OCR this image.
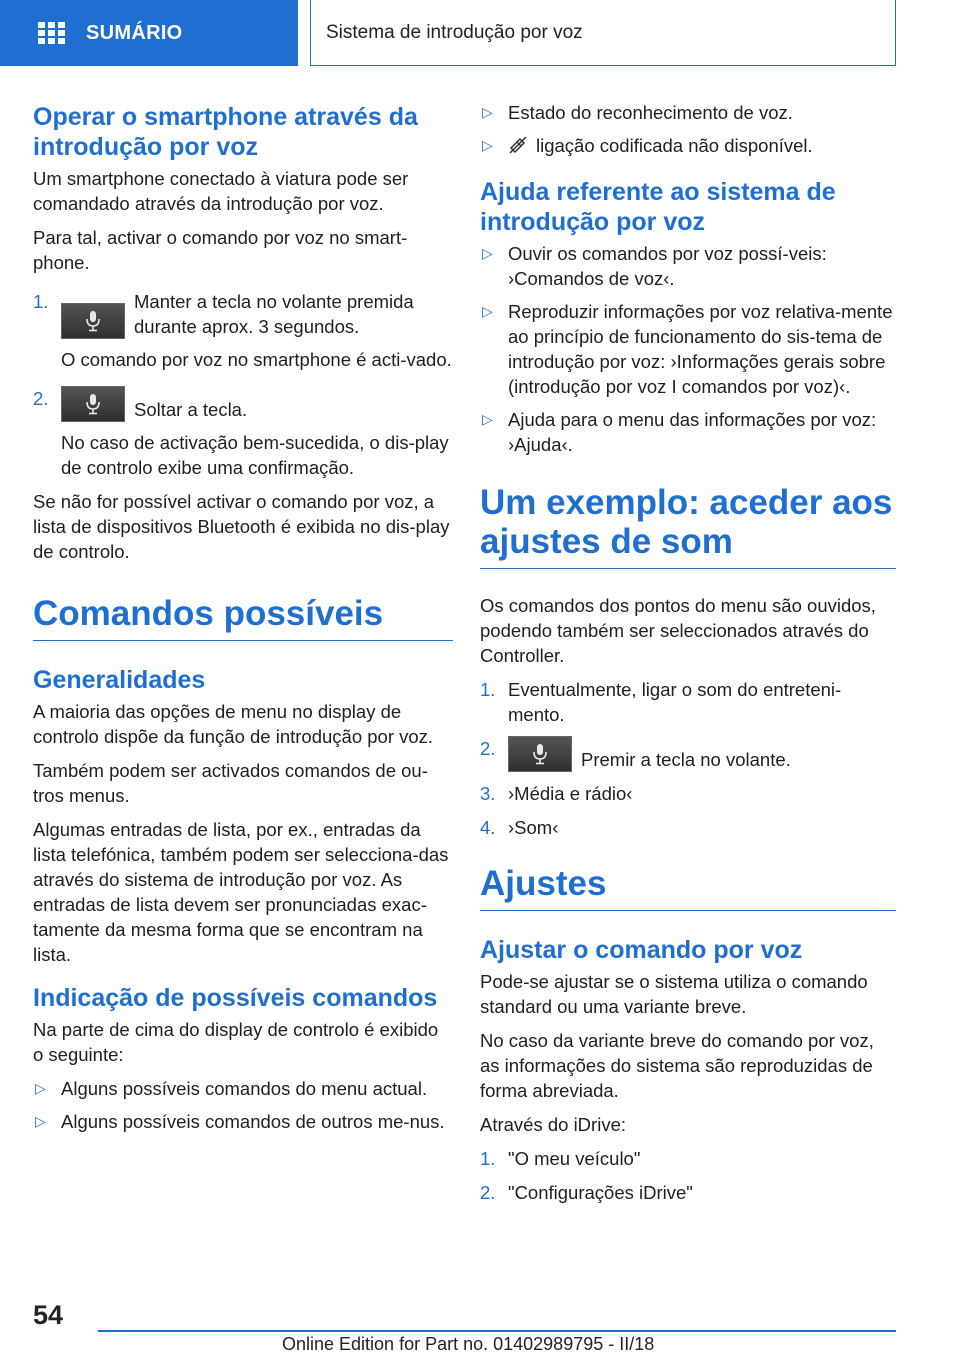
SUMÁRIO	Sistema de introdução por voz
Operar o smartphone através da introdução por voz

Um smartphone conectado à viatura pode ser comandado através da introdução por voz.

Para tal, activar o comando por voz no smart-phone.

1.	Manter a tecla no volante premida durante aprox. 3 segundos.
O comando por voz no smartphone é acti-vado.
2.
Soltar a tecla.
No caso de activação bem-sucedida, o dis-play de controlo exibe uma confirmação.

Se não for possível activar o comando por voz, a lista de dispositivos Bluetooth é exibida no dis-play de controlo.

Comandos possíveis
Generalidades

A maioria das opções de menu no display de controlo dispõe da função de introdução por voz.

Também podem ser activados comandos de ou-tros menus.

Algumas entradas de lista, por ex., entradas da lista telefónica, também podem ser selecciona-das através do sistema de introdução por voz. As entradas de lista devem ser pronunciadas exac-tamente da mesma forma que se encontram na lista.

Indicação de possíveis comandos

Na parte de cima do display de controlo é exibido o seguinte:

▷ Alguns possíveis comandos do menu actual.
▷ Alguns possíveis comandos de outros me-nus.
▷ Estado do reconhecimento de voz.
▷ ligação codificada não disponível.
Ajuda referente ao sistema de introdução por voz
▷ Ouvir os comandos por voz possí-veis: ›Comandos de voz‹.
▷ Reproduzir informações por voz relativa-mente ao princípio de funcionamento do sis-tema de introdução por voz: ›Informações gerais sobre (introdução por voz I comandos por voz)‹.
▷ Ajuda para o menu das informações por voz: ›Ajuda‹.
Um exemplo: aceder aos ajustes de som

Os comandos dos pontos do menu são ouvidos, podendo também ser seleccionados através do Controller.

1. Eventualmente, ligar o som do entreteni-mento.
2.
Premir a tecla no volante.
3. ›Média e rádio‹
4. ›Som‹
Ajustes
Ajustar o comando por voz

Pode-se ajustar se o sistema utiliza o comando standard ou uma variante breve.

No caso da variante breve do comando por voz, as informações do sistema são reproduzidas de forma abreviada.

Através do iDrive:

1. "O meu veículo"
2. "Configurações iDrive"
54
Online Edition for Part no. 01402989795 - II/18
